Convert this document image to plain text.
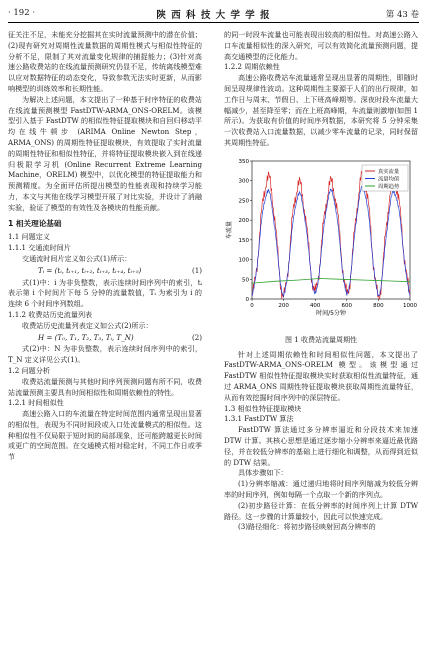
· 192 ·	陕 西 科 技 大 学 学 报	第 43 卷

征关注不足，未能充分挖掘其在实时流量预测中的潜在价值；(2)现有研究对周期性流量数据的周期性模式与相似性特征的分析不足，限制了其对流量变化规律的捕捉能力；(3)针对高速公路收费站的在线流量预测研究仍显不足，传统离线模型难以应对数据特征的动态变化，导致参数无法实时更新，从而影响模型的训练效率和长期性能。

为解决上述问题，本文提出了一种基于时序特征的收费站在线流量预测模型 FastDTW-ARMA_ONS-ORELM。该模型引入基于 FastDTW 的相似性特征提取模块和自回归移动平均在线牛顿步 (ARIMA Online Newton Step，ARMA_ONS) 的周期性特征提取模块，有效提取了实时流量的周期性特征和相似性特征，并将特征提取模块嵌入到在线递归极限学习机 (Online Recurrent Extreme Learning Machine，ORELM) 模型中，以优化模型的特征提取能力和预测精度。为全面评估所提出模型的性能表现和持续学习能力，本文与其他在线学习模型开展了对比实验，并设计了消融实验，验证了模型的有效性及各模块的性能贡献。

1 相关理论基础
1.1 问题定义
1.1.1 交通流时间片

交通流时间片定义如公式(1)所示：

Tᵢ = (tᵢ, tᵢ₊₁, tᵢ₊₂, tᵢ₊₃, tᵢ₊₄, tᵢ₊₅)	(1)

式(1)中：i 为非负整数，表示连续时间序列中的索引，tᵢ 表示第 i 个时间片下每 5 分钟的流量数值，Tᵢ 为索引为 i 的连续 6 个时间序列数组。

1.1.2 收费站历史流量列表

收费站历史流量列表定义如公式(2)所示：

H = (T₀, T₁, T₂, T₃, Tᵢ, T_N)	(2)

式(2)中：N 为非负整数，表示连续时间序列中的索引，T_N 定义详见公式(1)。

1.2 问题分析

收费站流量预测与其他时间序列预测问题有所不同，收费站流量预测主要具有时间相似性和周期依赖性的特性。

1.2.1 时间相似性

高速公路入口的车流量在特定时间范围内通常呈现出显著的相似性，表现为不同时间段或入口处流量模式的相似性。这种相似性不仅局限于短时间的局部现象，还可能跨越更长时间或更广的空间范围。在交通模式相对稳定时，不同工作日或季节

的同一时段车流量也可能表现出较高的相似性。对高速公路入口车流量相似性的深入研究，可以有效简化流量预测问题，提高交通模型的泛化能力。

1.2.2 周期依赖性

高速公路收费站车流量通常呈现出显著的周期性，即随时间呈现规律性波动。这种周期性主要源于人们的出行规律，如工作日与周末、节假日、上下班高峰期等。深夜时段车流量大幅减少，甚至降至零；而在上班高峰期，车流量则激增(如图 1 所示)。为获取有价值的时间序列数据，本研究将 5 分钟采集一次收费站入口流量数据，以减少零车流量的记录，同时保留其周期性特征。

0	200	400	600	800	1000
0
50
100
150
200
250
300
350
时间/5分钟
车流量
真实流量
流量均值
周期趋势
图 1 收费站流量周期性

针对上述周期依赖性和时间相似性问题，本文提出了 FastDTW-ARMA_ONS-ORELM 模型。该模型通过 FastDTW 相似性特征提取模块实时获取相似性流量特征，通过 ARMA_ONS 周期性特征提取模块获取周期性流量特征，从而有效挖掘时间序列中的深层特征。

1.3 相似性特征提取模块
1.3.1 FastDTW 算法

FastDTW 算法通过多分辨率逼近和分段技术来加速 DTW 计算。其核心思想是通过逐步缩小分辨率来逼近最优路径，并在较低分辨率的基础上进行细化和调整，从而得到近似的 DTW 结果。

具体步骤如下：

(1)分辨率缩减：通过递归地将时间序列缩减为较低分辨率的时间序列，例如每隔一个点取一个新的序列点。

(2)初步路径计算：在低分辨率的时间序列上计算 DTW 路径。这一步骤的计算量较小，因此可以快速完成。

(3)路径细化：将初步路径映射回高分辨率的
